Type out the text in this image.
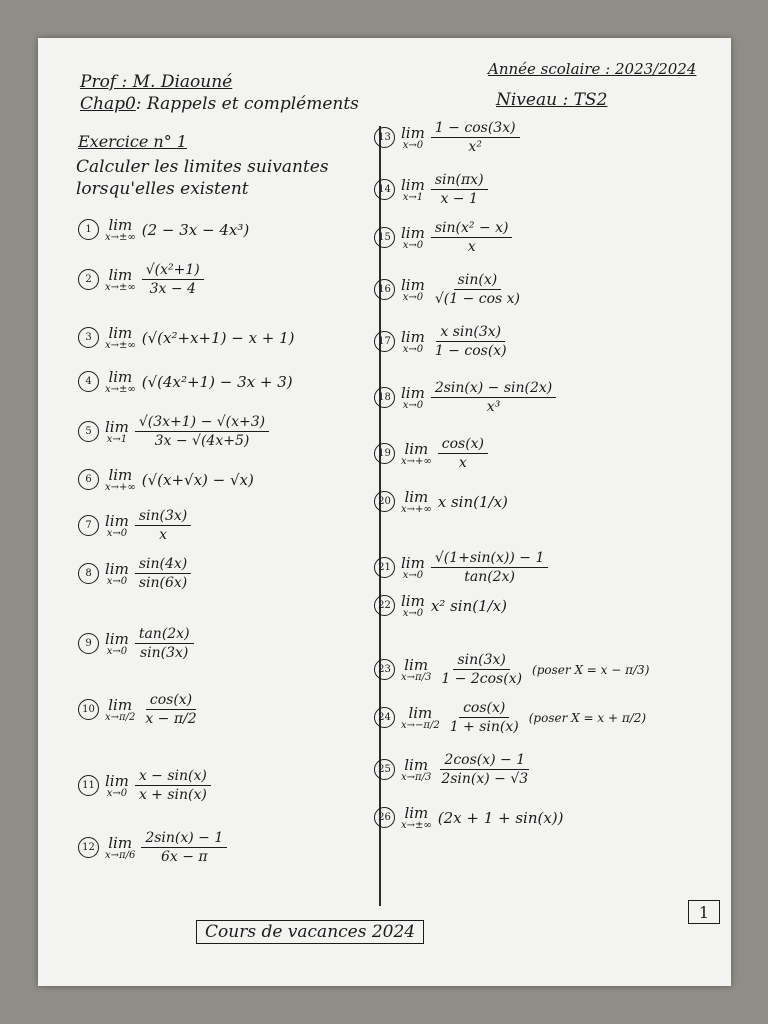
Prof : M. Diaouné
Chap0: Rappels et compléments
Année scolaire : 2023/2024
Niveau : TS2
Exercice n° 1
Calculer les limites suivantes lorsqu'elles existent
1	lim
x→±∞ (2 − 3x − 4x³)
2	lim
$x\to\pm\infty \frac{\text{√(x²+1)}}{3x - 4}$
3	lim
x→±∞ (√(x²+x+1) − x + 1)
4	lim
x→±∞ (√(4x²+1) − 3x + 3)
5 lim
$x\to 1 \frac{√(3x+1) - √(x+3)}{3x - √(4x+5)}$
6	lim
x→+∞ (√(x+√x) − √x)
7 lim
$x\to 0 \frac{\sin(3x)}{x}$
8 lim
$x\to 0 \frac{\sin(4x)}{\sin(6x)}$
9 lim
$x\to 0 \frac{\tan(2x)}{\sin(3x)}$
10 lim
$x\to\pi/2 \frac{\cos(x)}{x - \pi/2}$
11 lim
$x\to 0 \frac{x - \sin(x)}{x + \sin(x)}$
12 lim
$x\to\pi/6 \frac{2\sin(x) - 1}{6x - \pi}$
13 lim
$x\to 0 \frac{1 - \cos(3x)}{\text{x²}}$
14 lim
$x\to 1 \frac{\sin(\pi x)}{x - 1}$
15 lim
$x\to 0 \frac{\text{sin(x² − x)}}{x}$
16 lim
$x\to 0 \frac{\sin(x)}{\text{√(1 − cos x)}}$
17 lim
$x\to 0 \frac{\text{x sin(3x)}}{1 - \cos(x)}$
18 lim
$x\to 0 \frac{2\sin(x) - \sin(2x)}{\text{x³}}$
19 lim
$x\to+\infty \frac{\cos(x)}{x}$
20 lim
x→+∞ x sin(1/x)
21 lim
$x\to 0 \frac{√(1+\sin(x)) - 1}{\tan(2x)}$
22 lim
x→0 x² sin(1/x)
23 lim
$x\to\pi/3 \frac{\sin(3x)}{1 - 2\cos(x)}$ (poser X = x − π/3)
24 lim
$x\to-\pi/2 \frac{\cos(x)}{1 + \sin(x)}$ (poser X = x + π/2)
25 lim
$x\to\pi/3 \frac{2\cos(x) - 1}{2\sin(x) - √3}$
26 lim
x→±∞ (2x + 1 + sin(x))
1
Cours de vacances 2024
